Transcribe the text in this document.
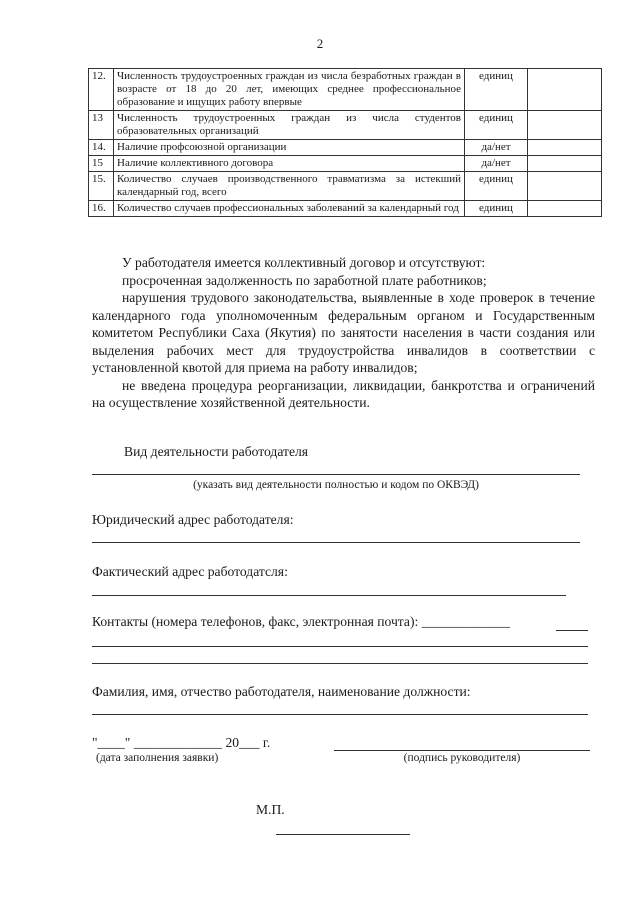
2
12.	Численность трудоустроенных граждан из числа безработных граждан в возрасте от 18 до 20 лет, имеющих среднее профессиональное образование и ищущих работу впервые	единиц	
13	Численность трудоустроенных граждан из числа студентов образовательных организаций	единиц	
14.	Наличие профсоюзной организации	да/нет	
15	Наличие коллективного договора	да/нет	
15.	Количество случаев производственного травматизма за истекший календарный год, всего	единиц	
16.	Количество случаев профессиональных заболеваний за календарный год	единиц	

У работодателя имеется коллективный договор и отсутствуют:

просроченная задолженность по заработной плате работников;

нарушения трудового законодательства, выявленные в ходе проверок в течение календарного года уполномоченным федеральным органом и Государственным комитетом Республики Саха (Якутия) по занятости населения в части создания или выделения рабочих мест для трудоустройства инвалидов в соответствии с установленной квотой для приема на работу инвалидов;

не введена процедура реорганизации, ликвидации, банкротства и ограничений на осуществление хозяйственной деятельности.

Вид деятельности работодателя
(указать вид деятельности полностью и кодом по ОКВЭД)
Юридический адрес работодателя:
Фактический адрес работодатсля:
Контакты (номера телефонов, факс, электронная почта): _____________
Фамилия, имя, отчество работодателя, наименование должности:
"____" _____________ 20___ г.
(дата заполнения заявки)	(подпись руководителя)
М.П.
